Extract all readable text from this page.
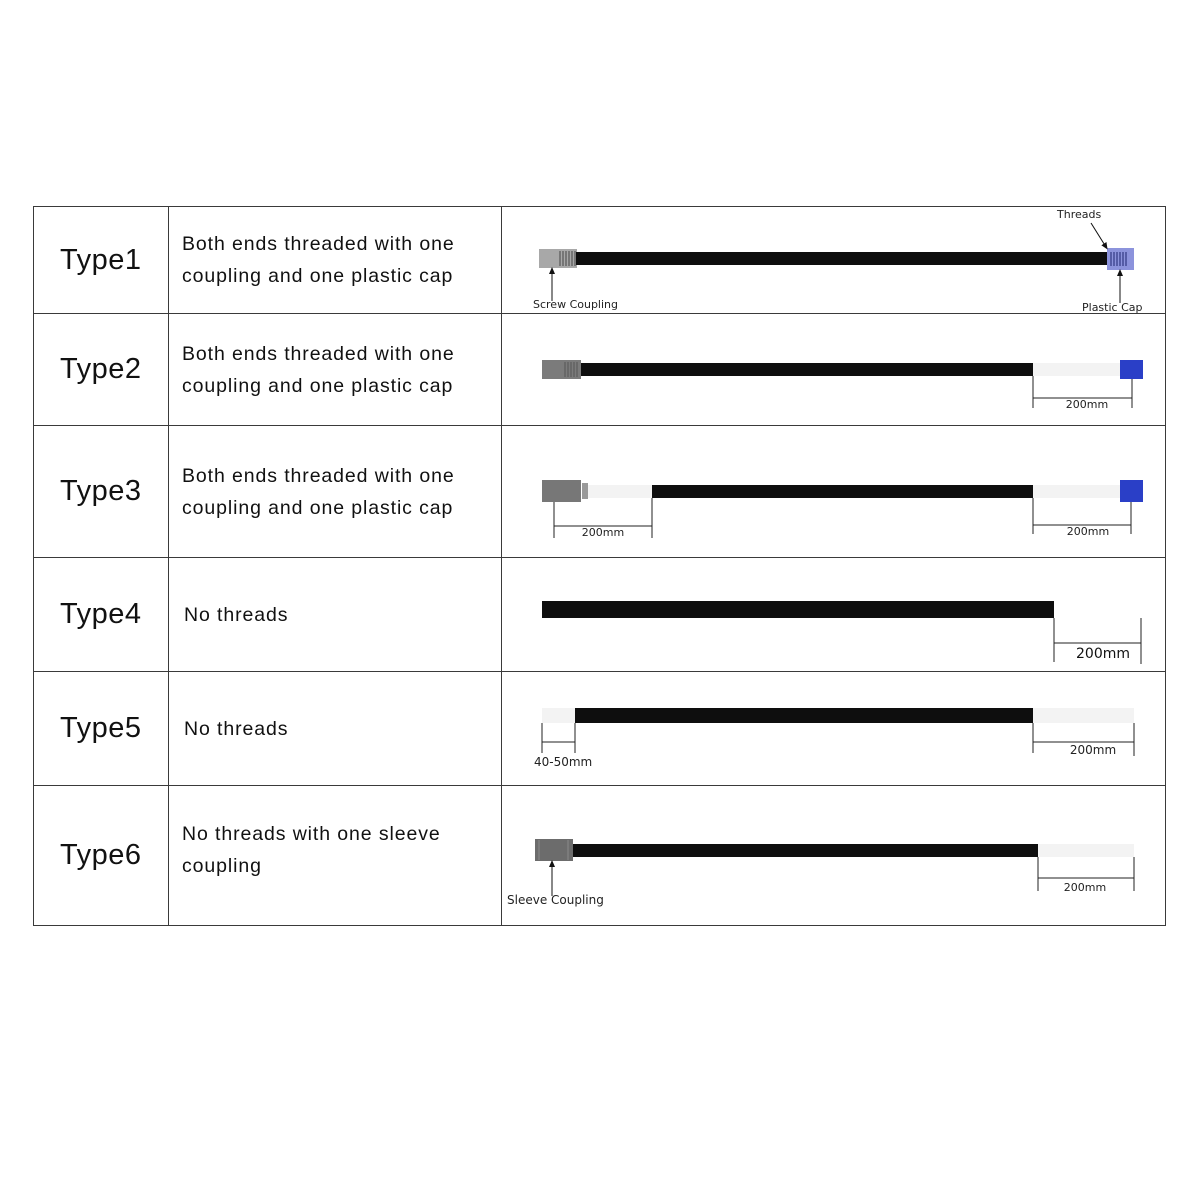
Type1	Both ends threaded with one
coupling and one plastic cap	Threads
Screw Coupling Plastic Cap

Type2	Both ends threaded with one
coupling and one plastic cap	200mm

Type3	Both ends threaded with one
coupling and one plastic cap	200mm 200mm

Type4	No threads	200mm

Type5	No threads	40-50mm
200mm

Type6	No threads with one sleeve
coupling	200mm
Sleeve Coupling
